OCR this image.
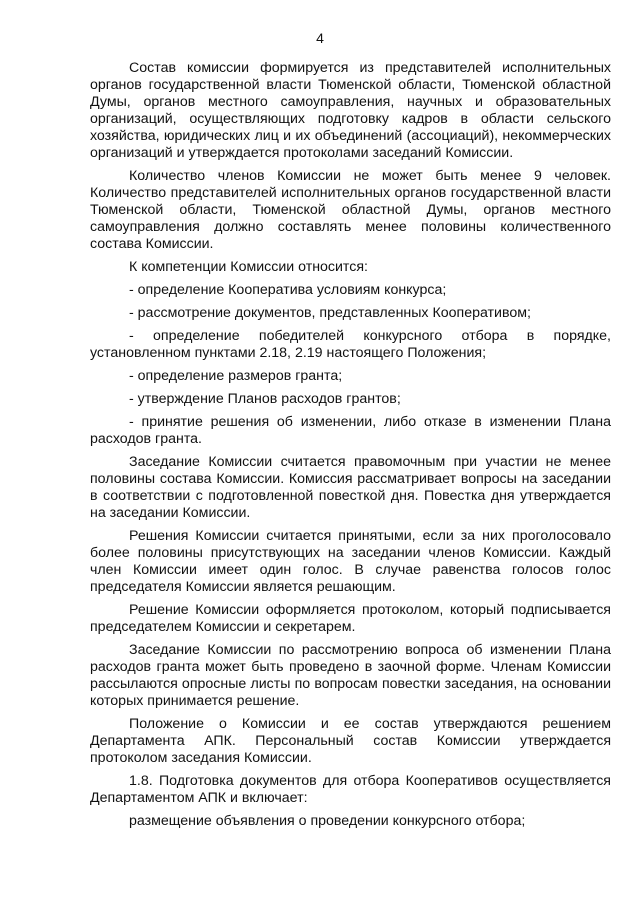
4

Состав комиссии формируется из представителей исполнительных органов государственной власти Тюменской области, Тюменской областной Думы, органов местного самоуправления, научных и образовательных организаций, осуществляющих подготовку кадров в области сельского хозяйства, юридических лиц и их объединений (ассоциаций), некоммерческих организаций и утверждается протоколами заседаний Комиссии.

Количество членов Комиссии не может быть менее 9 человек. Количество представителей исполнительных органов государственной власти Тюменской области, Тюменской областной Думы, органов местного самоуправления должно составлять менее половины количественного состава Комиссии.

К компетенции Комиссии относится:

- определение Кооператива условиям конкурса;

- рассмотрение документов, представленных Кооперативом;

- определение победителей конкурсного отбора в порядке, установленном пунктами 2.18, 2.19 настоящего Положения;

- определение размеров гранта;

- утверждение Планов расходов грантов;

- принятие решения об изменении, либо отказе в изменении Плана расходов гранта.

Заседание Комиссии считается правомочным при участии не менее половины состава Комиссии. Комиссия рассматривает вопросы на заседании в соответствии с подготовленной повесткой дня. Повестка дня утверждается на заседании Комиссии.

Решения Комиссии считается принятыми, если за них проголосовало более половины присутствующих на заседании членов Комиссии. Каждый член Комиссии имеет один голос. В случае равенства голосов голос председателя Комиссии является решающим.

Решение Комиссии оформляется протоколом, который подписывается председателем Комиссии и секретарем.

Заседание Комиссии по рассмотрению вопроса об изменении Плана расходов гранта может быть проведено в заочной форме. Членам Комиссии рассылаются опросные листы по вопросам повестки заседания, на основании которых принимается решение.

Положение о Комиссии и ее состав утверждаются решением Департамента АПК. Персональный состав Комиссии утверждается протоколом заседания Комиссии.

1.8. Подготовка документов для отбора Кооперативов осуществляется Департаментом АПК и включает:

размещение объявления о проведении конкурсного отбора;
